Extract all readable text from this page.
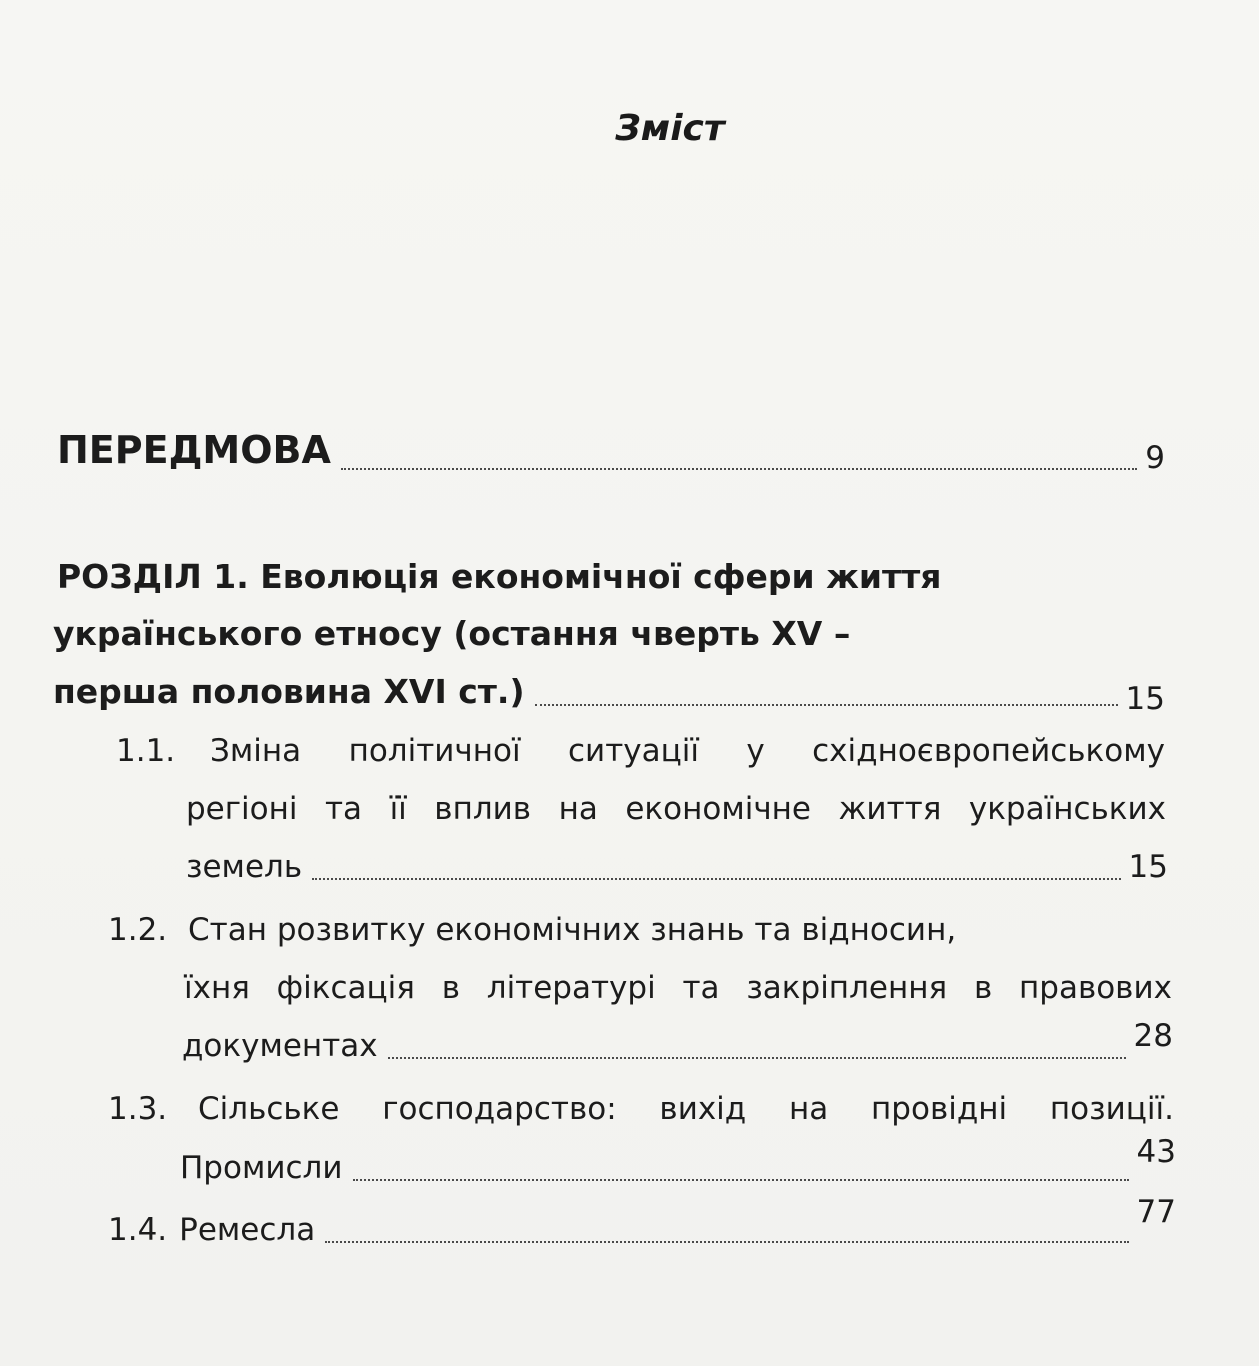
Зміст
ПЕРЕДМОВА	9
РОЗДІЛ 1. Еволюція економічної сфери життя
українського етносу (остання чверть XV –
перша половина XVI ст.)	15
1.1. Зміна політичної ситуації у східноєвропейському
регіоні та її вплив на економічне життя українських
земель	15
1.2. Стан розвитку економічних знань та відносин,
їхня фіксація в літературі та закріплення в правових
документах	28
1.3. Сільське господарство: вихід на провідні позиції.
Промисли	43
1.4. Ремесла	77
